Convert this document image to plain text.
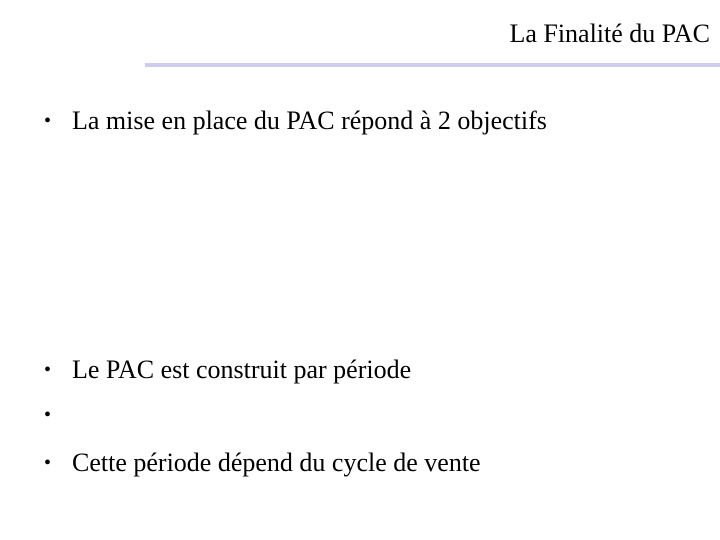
La Finalité du PAC
• La mise en place du PAC répond à 2 objectifs
• Le PAC est construit par période
•
• Cette période dépend du cycle de vente
